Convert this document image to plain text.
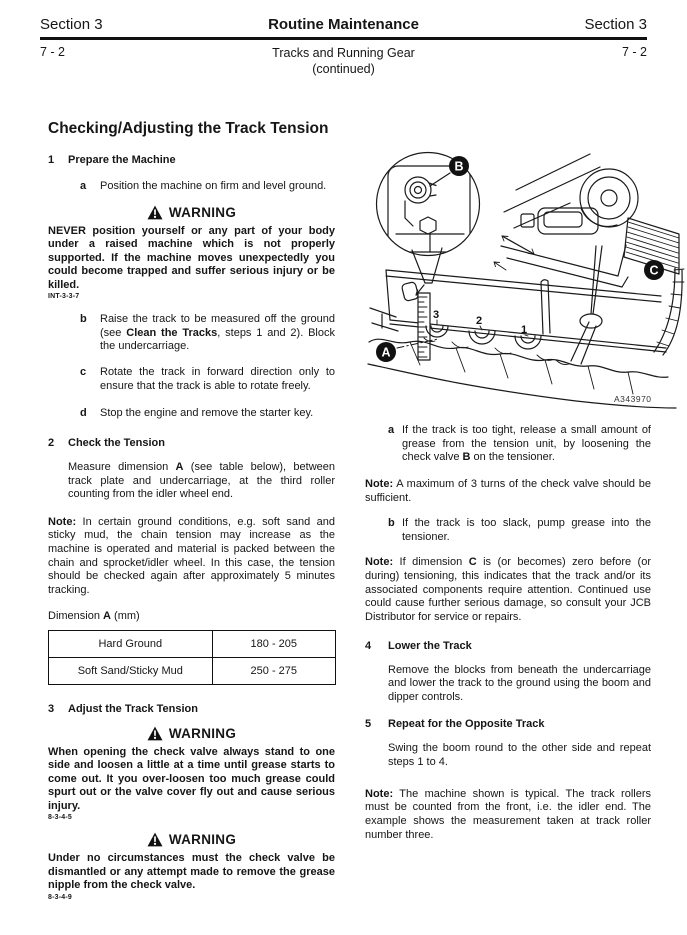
Section 3	Routine Maintenance	Section 3
7 - 2	Tracks and Running Gear
(continued)
7 - 2
Checking/Adjusting the Track Tension
1	Prepare the Machine
a	Position the machine on firm and level ground.
WARNING

NEVER position yourself or any part of your body under a raised machine which is not properly supported. If the machine moves unexpectedly you could become trapped and suffer serious injury or be killed.

INT-3-3-7
b	Raise the track to be measured off the ground (see Clean the Tracks, steps 1 and 2). Block the undercarriage.
c	Rotate the track in forward direction only to ensure that the track is able to rotate freely.
d	Stop the engine and remove the starter key.
2	Check the Tension

Measure dimension A (see table below), between track plate and undercarriage, at the third roller counting from the idler wheel end.

Note: In certain ground conditions, e.g. soft sand and sticky mud, the chain tension may increase as the machine is operated and material is packed between the chain and sprocket/idler wheel. In this case, the tension should be checked again after approximately 5 minutes tracking.

Dimension A (mm)

Hard Ground	180 - 205
Soft Sand/Sticky Mud	250 - 275
3	Adjust the Track Tension
WARNING

When opening the check valve always stand to one side and loosen a little at a time until grease starts to come out. It you over-loosen too much grease could spurt out or the valve cover fly out and cause serious injury.

8-3-4-5
WARNING

Under no circumstances must the check valve be dismantled or any attempt made to remove the grease nipple from the check valve.

8-3-4-9
B
C
A
3	2
1
A343970
a If the track is too tight, release a small amount of grease from the tension unit, by loosening the check valve B on the tensioner.

Note: A maximum of 3 turns of the check valve should be sufficient.

b If the track is too slack, pump grease into the tensioner.

Note: If dimension C is (or becomes) zero before (or during) tensioning, this indicates that the track and/or its associated components require attention. Continued use could cause further serious damage, so consult your JCB Distributor for service or repairs.

4	Lower the Track

Remove the blocks from beneath the undercarriage and lower the track to the ground using the boom and dipper controls.

5	Repeat for the Opposite Track

Swing the boom round to the other side and repeat steps 1 to 4.

Note: The machine shown is typical. The track rollers must be counted from the front, i.e. the idler end. The example shows the measurement taken at track roller number three.
